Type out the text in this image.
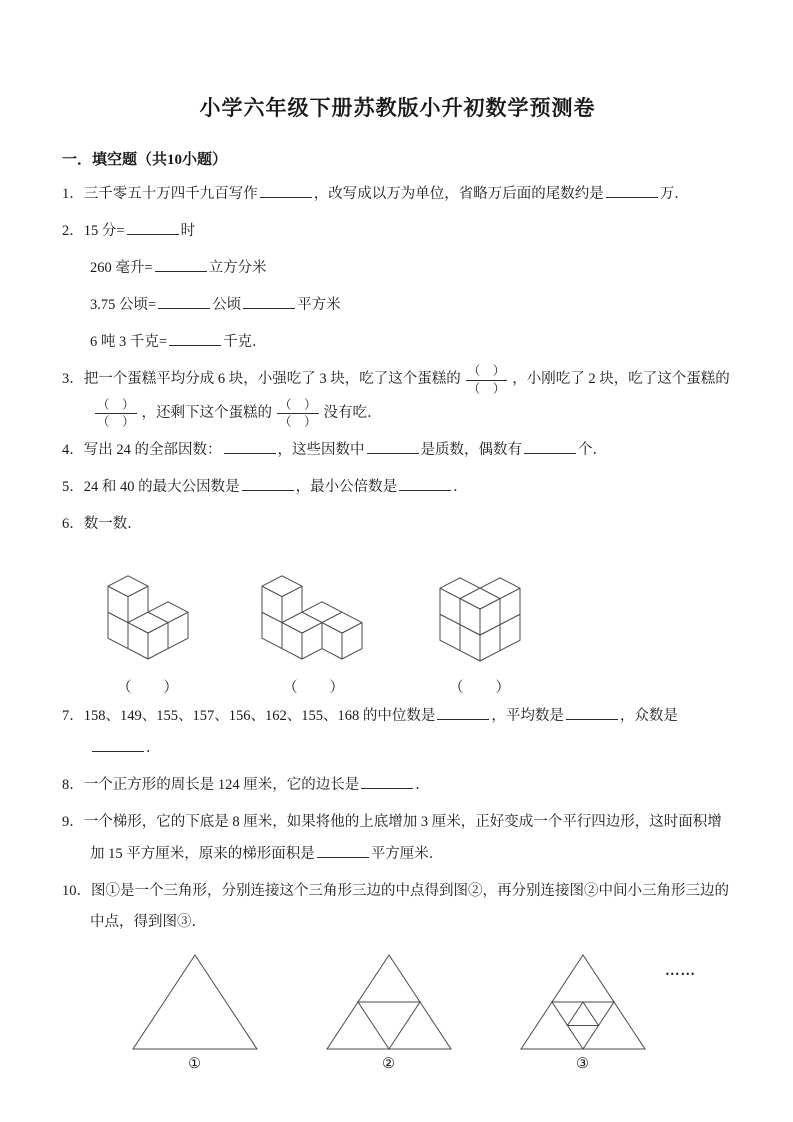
小学六年级下册苏教版小升初数学预测卷
一．填空题（共10小题）

1．三千零五十万四千九百写作	，改写成以万为单位，省略万后面的尾数约是	万．

2．15 分=	时

260 毫升=	立方分米
3.75 公顷=	公顷	平方米
6 吨 3 千克=	千克．

3．把一个蛋糕平均分成 6 块，小强吃了 3 块，吃了这个蛋糕的 $\frac{( )}{( )}$ ，小刚吃了 2 块，吃了这个蛋糕的
$\frac{( )}{( )}$ ，还剩下这个蛋糕的 $\frac{( )}{( )}$ 没有吃．

4．写出 24 的全部因数：	，这些因数中	是质数，偶数有	个．

5．24 和 40 的最大公因数是	，最小公倍数是	．

6．数一数．

（　　）	（　　）	（　　）

7．158、149、155、157、156、162、155、168 的中位数是	，平均数是	，众数是．

8．一个正方形的周长是 124 厘米，它的边长是	．

9．一个梯形，它的下底是 8 厘米，如果将他的上底增加 3 厘米，正好变成一个平行四边形，这时面积增加 15 平方厘米，原来的梯形面积是	平方厘米．

10．图①是一个三角形，分别连接这个三角形三边的中点得到图②，再分别连接图②中间小三角形三边的中点，得到图③．

①	②	③
……
